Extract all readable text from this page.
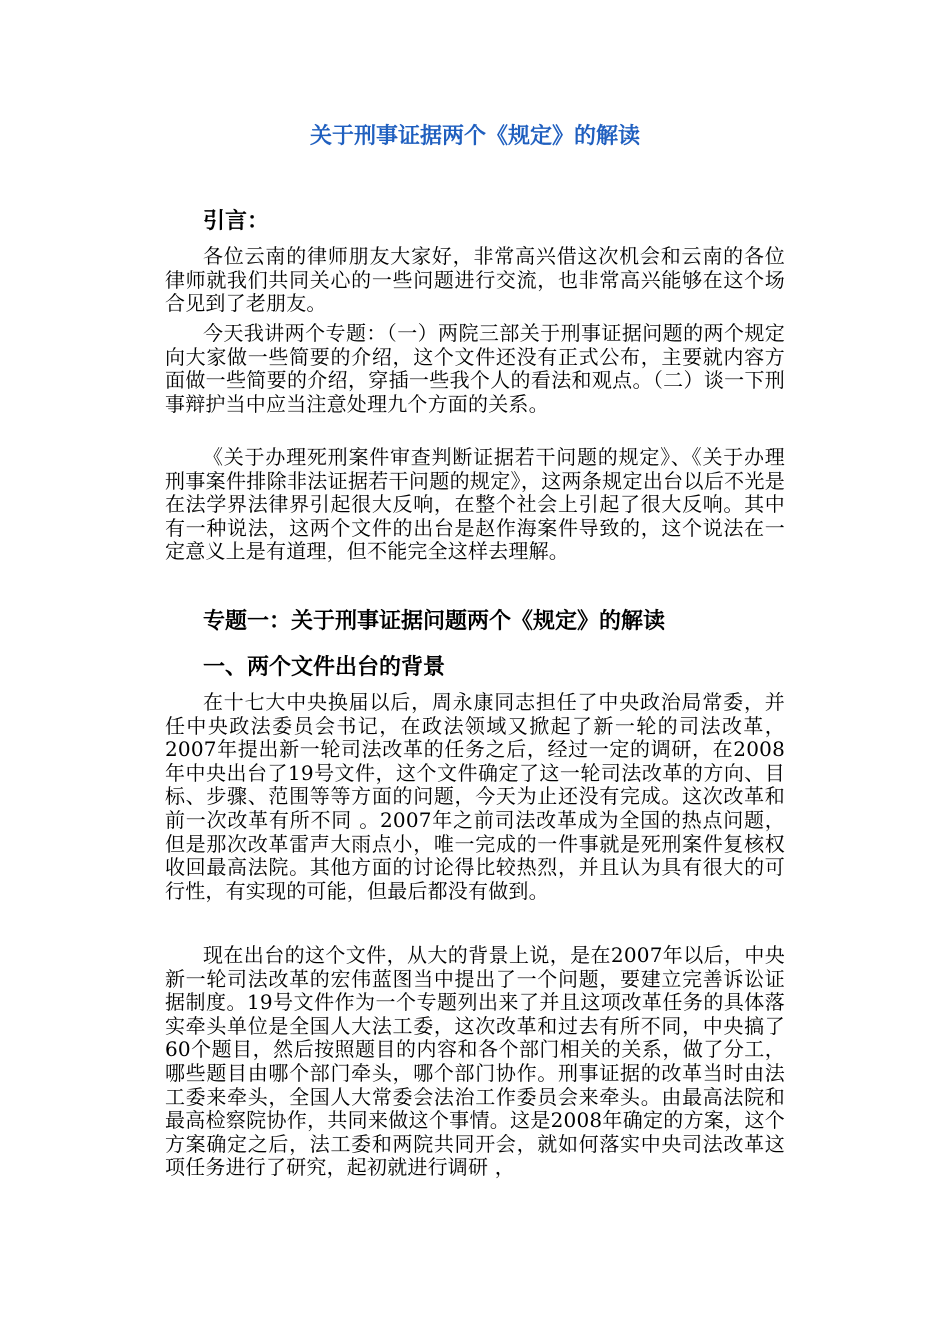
关于刑事证据两个《规定》的解读
引言：

各位云南的律师朋友大家好，非常高兴借这次机会和云南的各位律师就我们共同关心的一些问题进行交流，也非常高兴能够在这个场合见到了老朋友。

今天我讲两个专题：（一）两院三部关于刑事证据问题的两个规定向大家做一些简要的介绍，这个文件还没有正式公布，主要就内容方面做一些简要的介绍，穿插一些我个人的看法和观点。（二）谈一下刑事辩护当中应当注意处理九个方面的关系。

《关于办理死刑案件审查判断证据若干问题的规定》、《关于办理刑事案件排除非法证据若干问题的规定》，这两条规定出台以后不光是在法学界法律界引起很大反响，在整个社会上引起了很大反响。其中有一种说法，这两个文件的出台是赵作海案件导致的，这个说法在一定意义上是有道理，但不能完全这样去理解。

专题一：关于刑事证据问题两个《规定》的解读
一、两个文件出台的背景

在十七大中央换届以后，周永康同志担任了中央政治局常委，并任中央政法委员会书记，在政法领域又掀起了新一轮的司法改革，2007年提出新一轮司法改革的任务之后，经过一定的调研，在2008年中央出台了19号文件，这个文件确定了这一轮司法改革的方向、目标、步骤、范围等等方面的问题，今天为止还没有完成。这次改革和前一次改革有所不同 。2007年之前司法改革成为全国的热点问题，但是那次改革雷声大雨点小，唯一完成的一件事就是死刑案件复核权收回最高法院。其他方面的讨论得比较热烈，并且认为具有很大的可行性，有实现的可能，但最后都没有做到。

现在出台的这个文件，从大的背景上说，是在2007年以后，中央新一轮司法改革的宏伟蓝图当中提出了一个问题，要建立完善诉讼证据制度。19号文件作为一个专题列出来了并且这项改革任务的具体落实牵头单位是全国人大法工委，这次改革和过去有所不同，中央搞了60个题目，然后按照题目的内容和各个部门相关的关系，做了分工，哪些题目由哪个部门牵头，哪个部门协作。刑事证据的改革当时由法工委来牵头，全国人大常委会法治工作委员会来牵头。由最高法院和最高检察院协作，共同来做这个事情。这是2008年确定的方案，这个方案确定之后，法工委和两院共同开会，就如何落实中央司法改革这项任务进行了研究，起初就进行调研 ，
